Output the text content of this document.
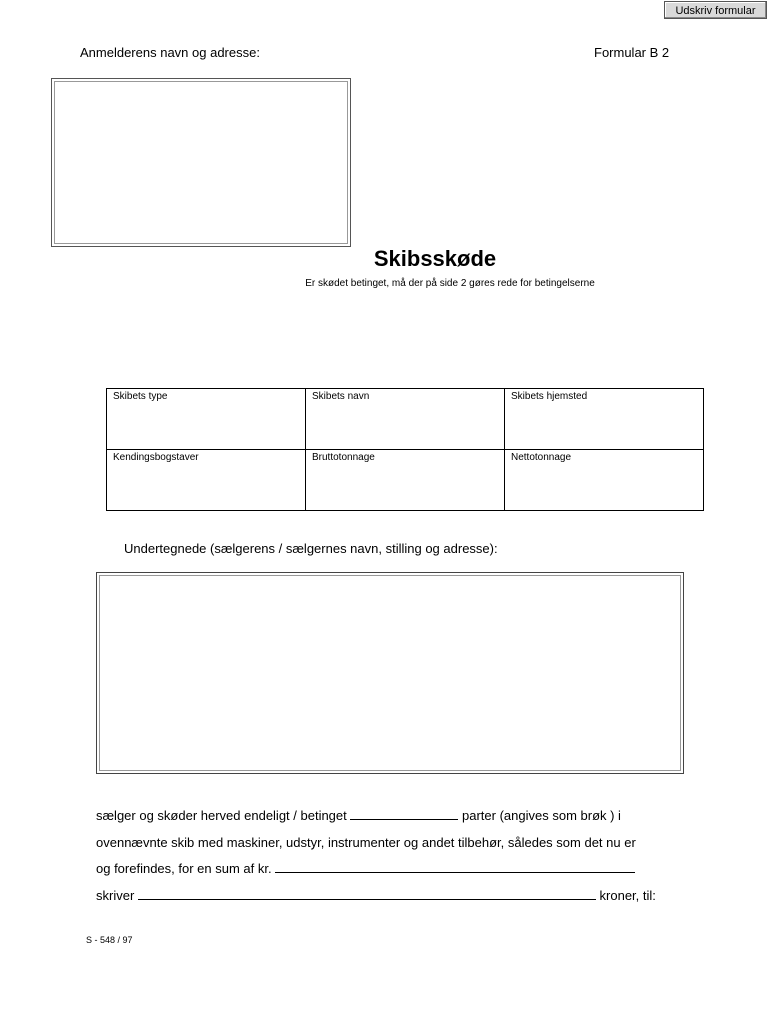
Udskriv formular
Anmelderens navn og adresse:	Formular B 2
Skibsskøde
Er skødet betinget, må der på side 2 gøres rede for betingelserne
Skibets type	Skibets navn	Skibets hjemsted
Kendingsbogstaver	Bruttotonnage	Nettotonnage
Undertegnede (sælgerens / sælgernes navn, stilling og adresse):
sælger og skøder herved endeligt / betinget	parter (angives som brøk ) i
ovennævnte skib med maskiner, udstyr, instrumenter og andet tilbehør, således som det nu er
og forefindes, for en sum af kr.
skriver	kroner, til:
S - 548 / 97
